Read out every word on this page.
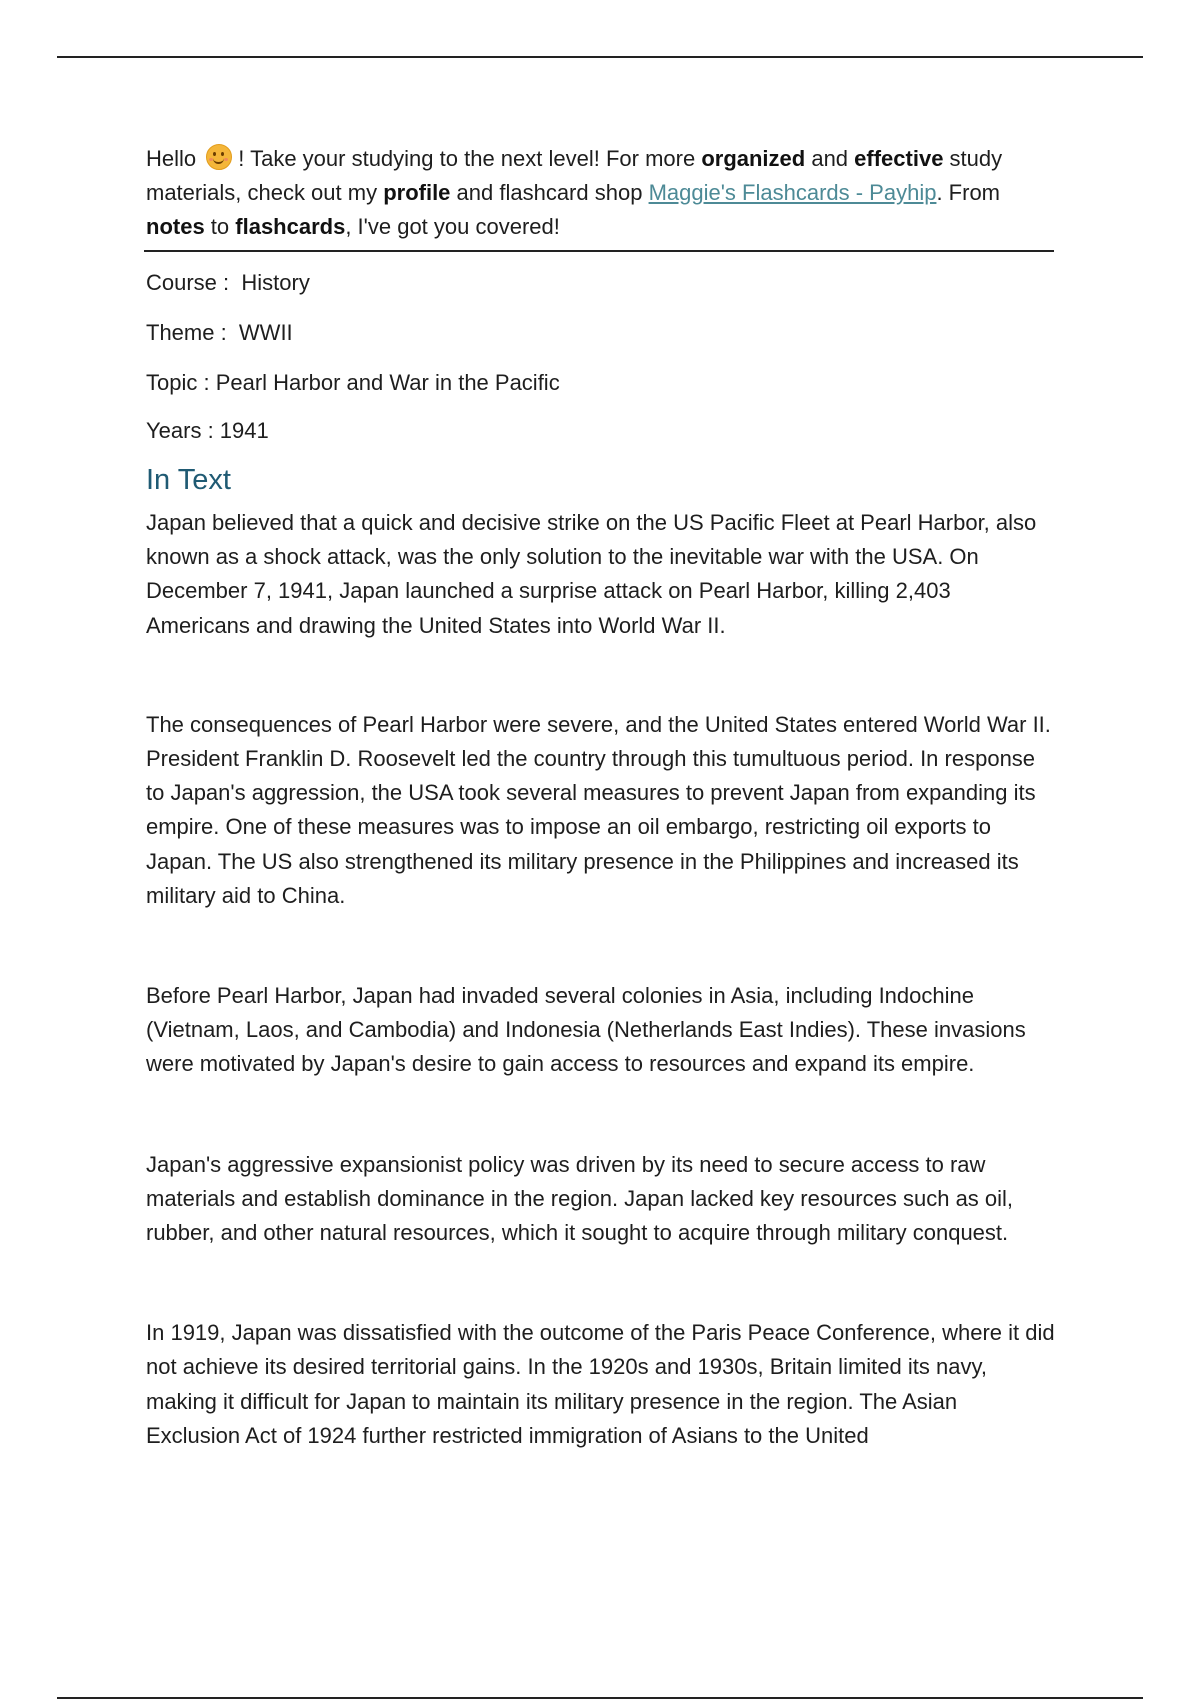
Hello ! Take your studying to the next level! For more organized and effective study materials, check out my profile and flashcard shop Maggie's Flashcards - Payhip. From notes to flashcards, I've got you covered!

Course :  History

Theme :  WWII

Topic : Pearl Harbor and War in the Pacific

Years : 1941

In Text

Japan believed that a quick and decisive strike on the US Pacific Fleet at Pearl Harbor, also known as a shock attack, was the only solution to the inevitable war with the USA. On December 7, 1941, Japan launched a surprise attack on Pearl Harbor, killing 2,403 Americans and drawing the United States into World War II.

The consequences of Pearl Harbor were severe, and the United States entered World War II. President Franklin D. Roosevelt led the country through this tumultuous period. In response to Japan's aggression, the USA took several measures to prevent Japan from expanding its empire. One of these measures was to impose an oil embargo, restricting oil exports to Japan. The US also strengthened its military presence in the Philippines and increased its military aid to China.

Before Pearl Harbor, Japan had invaded several colonies in Asia, including Indochine (Vietnam, Laos, and Cambodia) and Indonesia (Netherlands East Indies). These invasions were motivated by Japan's desire to gain access to resources and expand its empire.

Japan's aggressive expansionist policy was driven by its need to secure access to raw materials and establish dominance in the region. Japan lacked key resources such as oil, rubber, and other natural resources, which it sought to acquire through military conquest.

In 1919, Japan was dissatisfied with the outcome of the Paris Peace Conference, where it did not achieve its desired territorial gains. In the 1920s and 1930s, Britain limited its navy, making it difficult for Japan to maintain its military presence in the region. The Asian Exclusion Act of 1924 further restricted immigration of Asians to the United
